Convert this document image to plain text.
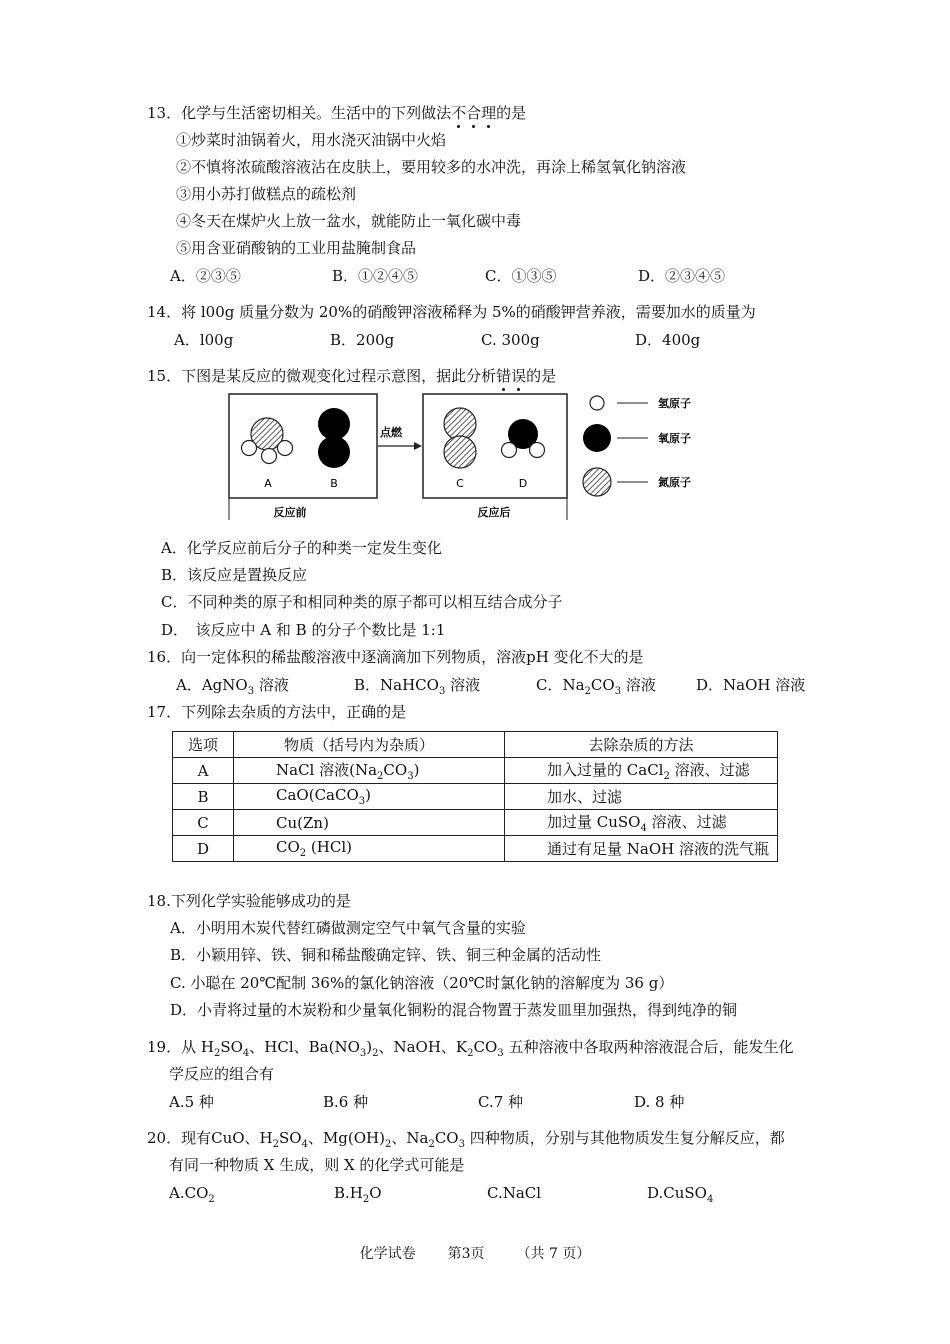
13．化学与生活密切相关。生活中的下列做法不合理的是
①炒菜时油锅着火，用水浇灭油锅中火焰
②不慎将浓硫酸溶液沾在皮肤上，要用较多的水冲洗，再涂上稀氢氧化钠溶液
③用小苏打做糕点的疏松剂
④冬天在煤炉火上放一盆水，就能防止一氧化碳中毒
⑤用含亚硝酸钠的工业用盐腌制食品
A．②③⑤	B．①②④⑤	C．①③⑤	D．②③④⑤
14．将 l00g 质量分数为 20%的硝酸钾溶液稀释为 5%的硝酸钾营养液，需要加水的质量为
A．l00g	B．200g	C. 300g	D．400g
15．下图是某反应的微观变化过程示意图，据此分析错误的是
A	B
点燃
C	D
反应前	反应后
氢原子
氧原子
氮原子
A．化学反应前后分子的种类一定发生变化
B．该反应是置换反应
C．不同种类的原子和相同种类的原子都可以相互结合成分子
D．　该反应中 A 和 B 的分子个数比是 1:1
16．向一定体积的稀盐酸溶液中逐滴滴加下列物质，溶液pH 变化不大的是
A．AgNO$_3$ 溶液	B．NaHCO$_3$ 溶液	C．$Na_2CO_3$ 溶液	D．NaOH 溶液
17．下列除去杂质的方法中，正确的是
选项	物质（括号内为杂质）	去除杂质的方法
A	NaCl 溶液$(Na_2CO_3)$	加入过量的 CaCl$_2$ 溶液、过滤
B	CaO(CaCO$_3$)	加水、过滤
C	Cu(Zn)	加过量 CuSO$_4$ 溶液、过滤
D	$CO_2$ (HCl)	通过有足量 NaOH 溶液的洗气瓶
18.下列化学实验能够成功的是
A．小明用木炭代替红磷做测定空气中氧气含量的实验
B．小颖用锌、铁、铜和稀盐酸确定锌、铁、铜三种金属的活动性
C. 小聪在 20℃配制 36%的氯化钠溶液（20℃时氯化钠的溶解度为 36 g）
D．小青将过量的木炭粉和少量氧化铜粉的混合物置于蒸发皿里加强热，得到纯净的铜
19．从 $H_2SO_4$、HCl、$Ba(NO_3)_2$、NaOH、$K_2CO_3$ 五种溶液中各取两种溶液混合后，能发生化
学反应的组合有
A.5 种	B.6 种	C.7 种	D. 8 种
20．现有CuO、$H_2SO_4$、$Mg(OH)_2$、$Na_2CO_3$ 四种物质，分别与其他物质发生复分解反应，都
有同一种物质 X 生成，则 X 的化学式可能是
$A.CO_2$	$B.H_2O$	C.NaCl	D.CuSO$_4$
化学试卷 第3页 （共 7 页）
